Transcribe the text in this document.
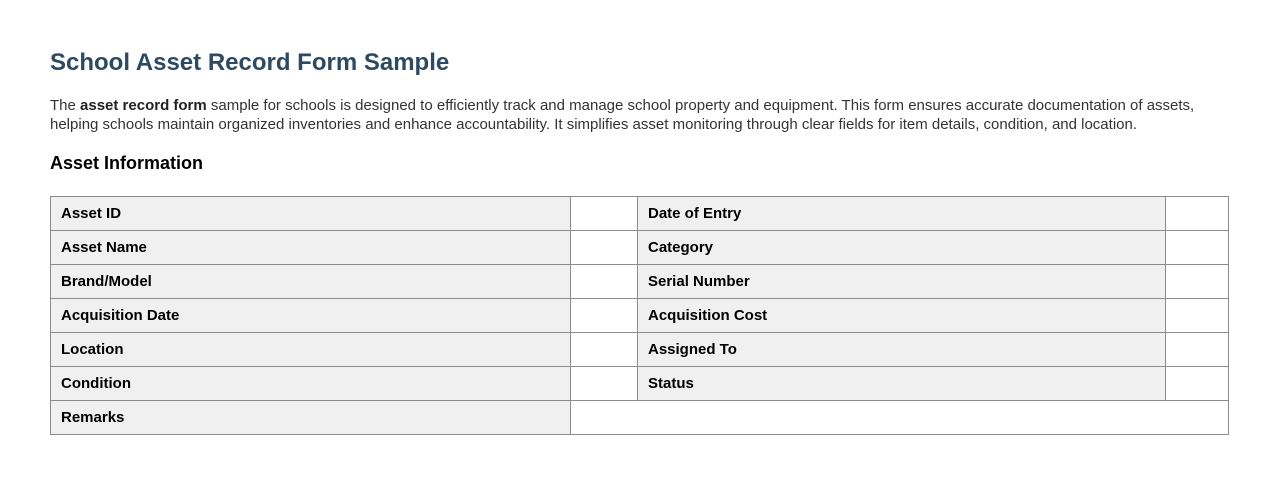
School Asset Record Form Sample

The asset record form sample for schools is designed to efficiently track and manage school property and equipment. This form ensures accurate documentation of assets, helping schools maintain organized inventories and enhance accountability. It simplifies asset monitoring through clear fields for item details, condition, and location.

Asset Information
Asset ID		Date of Entry	
Asset Name		Category	
Brand/Model		Serial Number	
Acquisition Date		Acquisition Cost	
Location		Assigned To	
Condition		Status	
Remarks			
